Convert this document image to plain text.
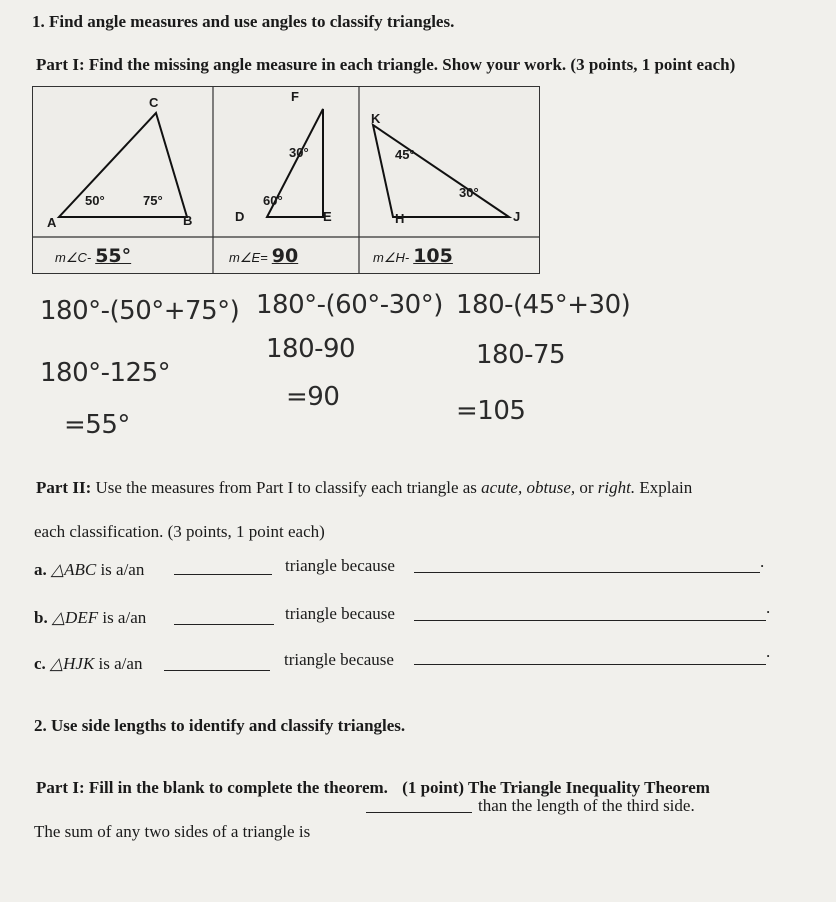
1. Find angle measures and use angles to classify triangles.
Part I: Find the missing angle measure in each triangle. Show your work. (3 points, 1 point each)
C
A	B
50°	75°
F
D	E
30°
60°
K
H	J
45°
30°
m∠C- 55°	m∠E= 90	m∠H- 105
180°-(50°+75°)
180°-125°
=55°
180°-(60°-30°)
180-90
=90
180-(45°+30)
180-75
=105
Part II: Use the measures from Part I to classify each triangle as acute, obtuse, or right. Explain
each classification. (3 points, 1 point each)
a. △ABC is a/an	triangle because	.
b. △DEF is a/an	triangle because	.
c. △HJK is a/an	triangle because	.
2. Use side lengths to identify and classify triangles.
Part I: Fill in the blank to complete the theorem. (1 point) The Triangle Inequality Theorem
The sum of any two sides of a triangle is
than the length of the third side.
